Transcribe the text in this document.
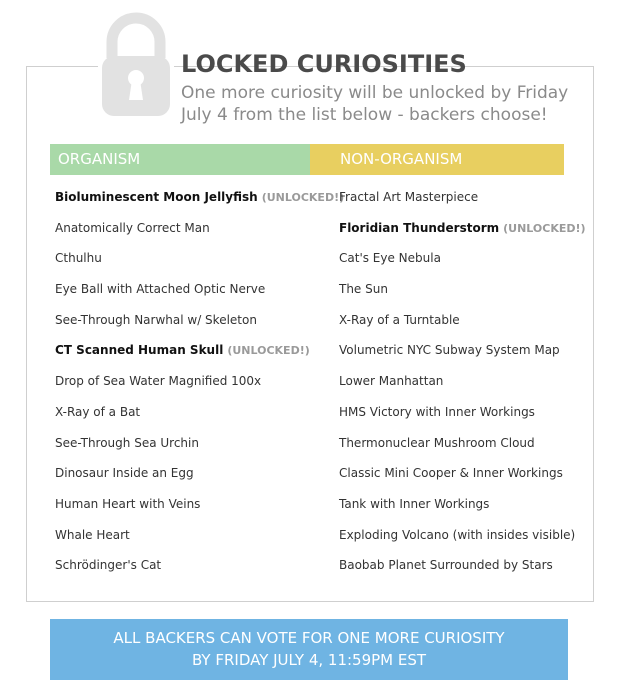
LOCKED CURIOSITIES

One more curiosity will be unlocked by Friday July 4 from the list below - backers choose!

ORGANISM	NON-ORGANISM
Bioluminescent Moon Jellyfish (UNLOCKED!)
Anatomically Correct Man
Cthulhu
Eye Ball with Attached Optic Nerve
See-Through Narwhal w/ Skeleton
CT Scanned Human Skull (UNLOCKED!)
Drop of Sea Water Magnified 100x
X-Ray of a Bat
See-Through Sea Urchin
Dinosaur Inside an Egg
Human Heart with Veins
Whale Heart
Schrödinger's Cat
Fractal Art Masterpiece
Floridian Thunderstorm (UNLOCKED!)
Cat's Eye Nebula
The Sun
X-Ray of a Turntable
Volumetric NYC Subway System Map
Lower Manhattan
HMS Victory with Inner Workings
Thermonuclear Mushroom Cloud
Classic Mini Cooper & Inner Workings
Tank with Inner Workings
Exploding Volcano (with insides visible)
Baobab Planet Surrounded by Stars
ALL BACKERS CAN VOTE FOR ONE MORE CURIOSITY
BY FRIDAY JULY 4, 11:59PM EST
